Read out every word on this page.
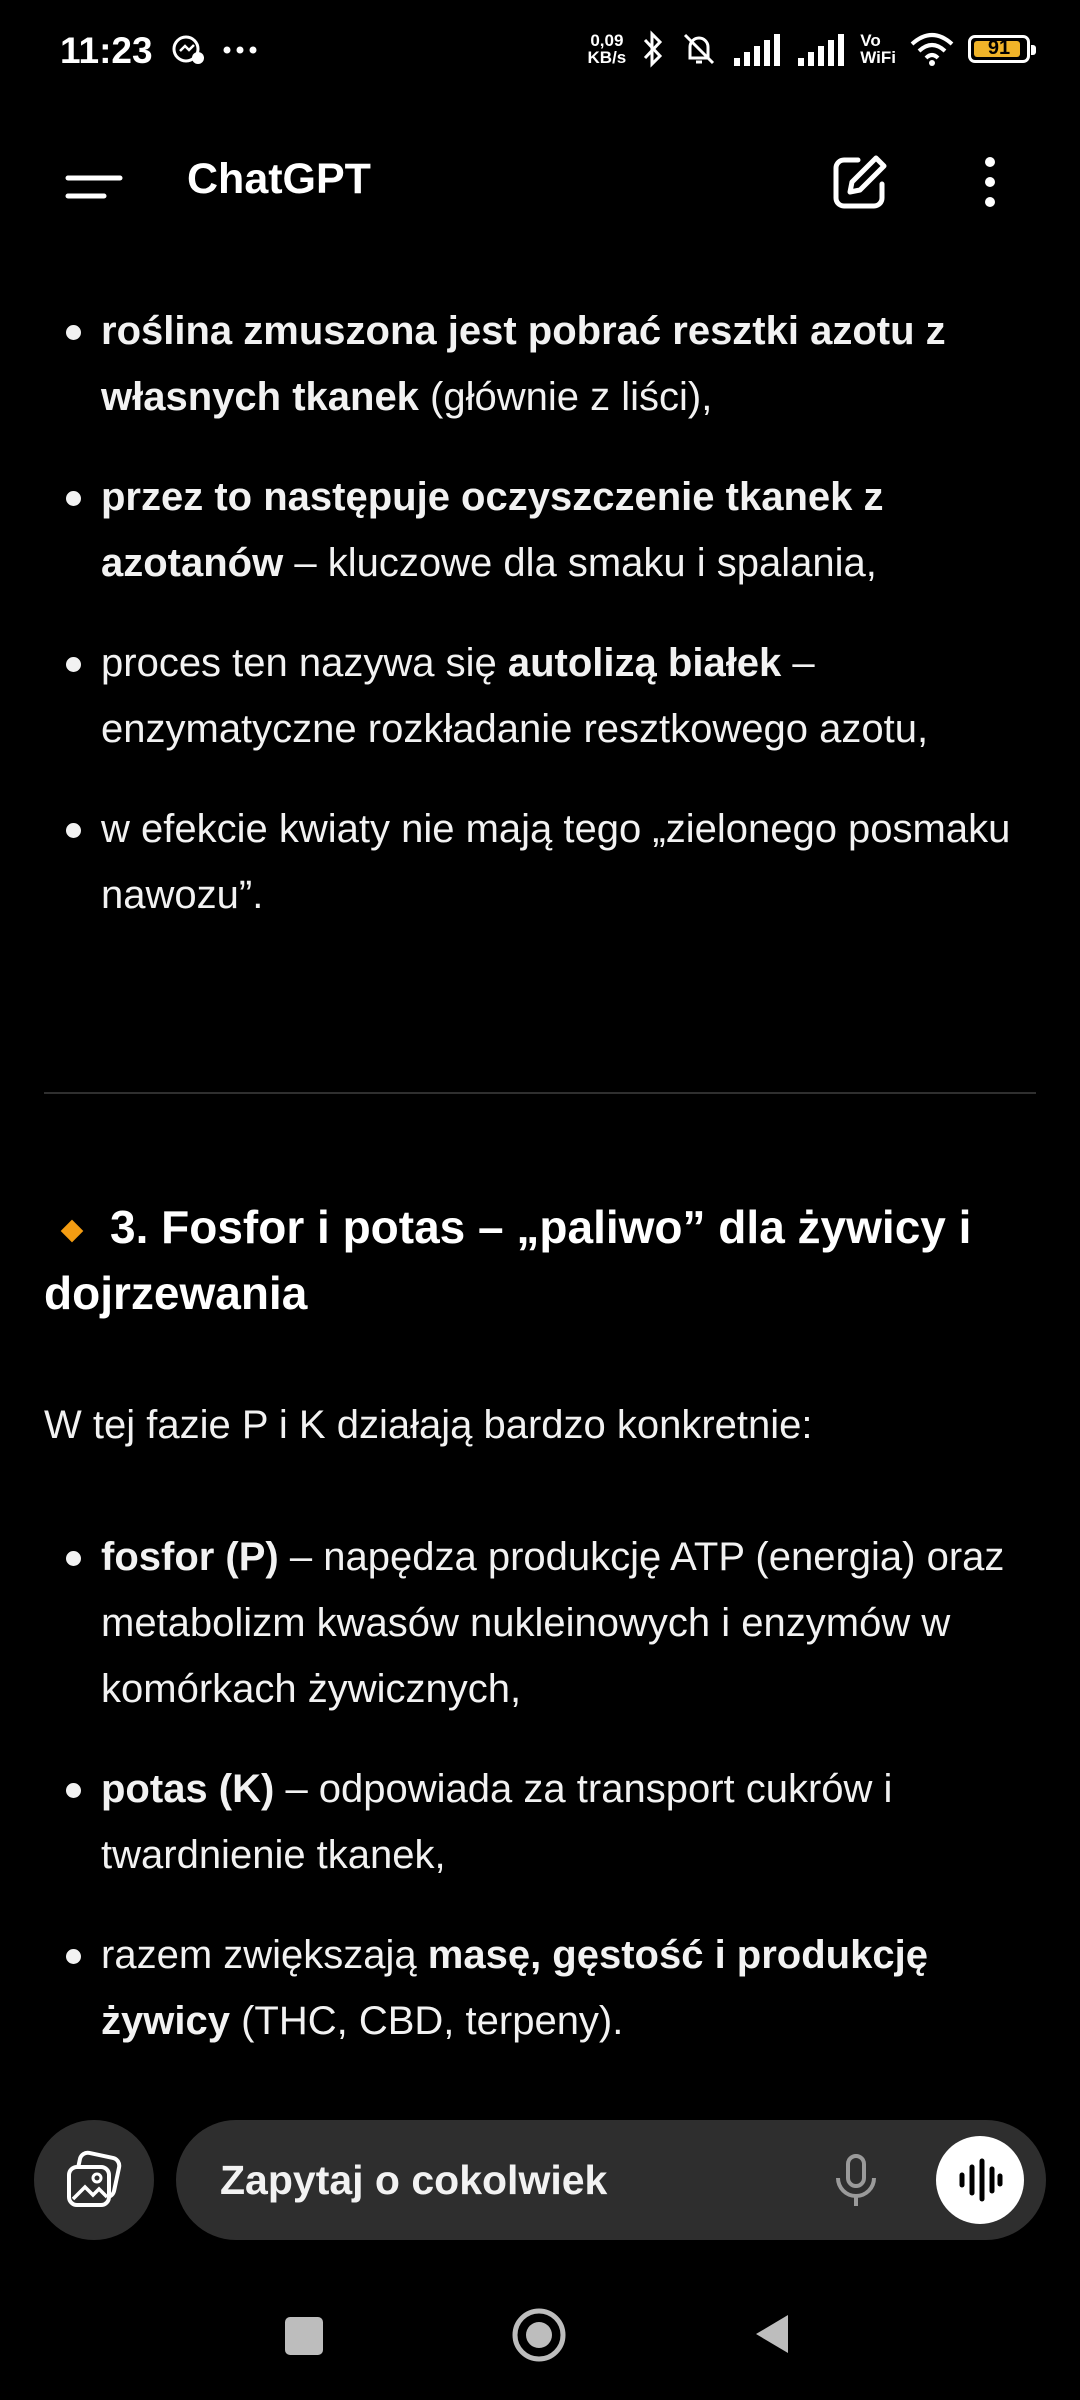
11:23	0,09
KB/s
Vo
WiFi	91
ChatGPT
roślina zmuszona jest pobrać resztki azotu z własnych tkanek (głównie z liści),
przez to następuje oczyszczenie tkanek z azotanów – kluczowe dla smaku i spalania,
proces ten nazywa się autolizą białek – enzymatyczne rozkładanie resztkowego azotu,
w efekcie kwiaty nie mają tego „zielonego posmaku nawozu”.
3. Fosfor i potas – „paliwo” dla żywicy i dojrzewania
W tej fazie P i K działają bardzo konkretnie:
fosfor (P) – napędza produkcję ATP (energia) oraz metabolizm kwasów nukleinowych i enzymów w komórkach żywicznych,
potas (K) – odpowiada za transport cukrów i twardnienie tkanek,
razem zwiększają masę, gęstość i produkcję żywicy (THC, CBD, terpeny).
Zapytaj o cokolwiek
